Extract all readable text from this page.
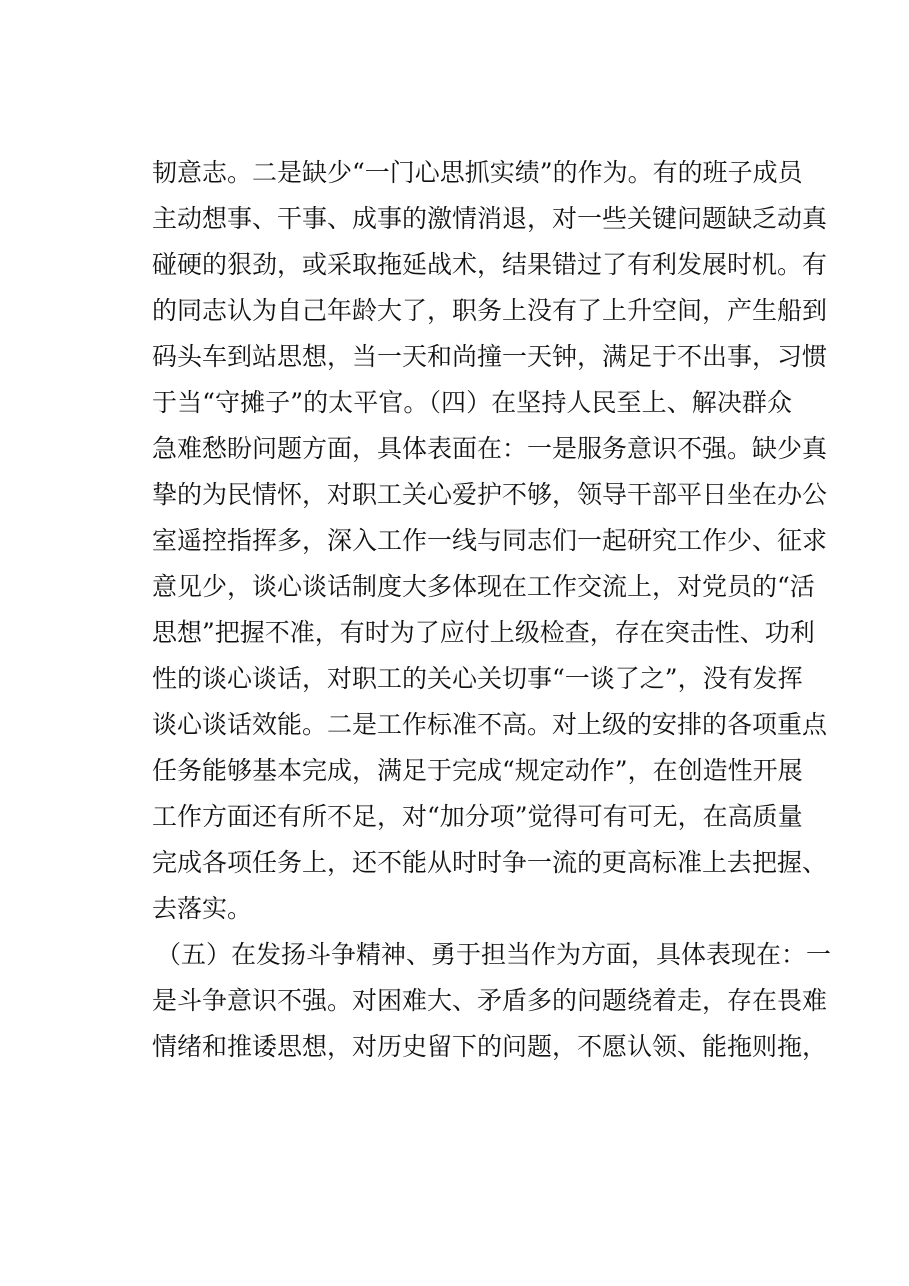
韧意志。二是缺少“一门心思抓实绩”的作为。有的班子成员
主动想事、干事、成事的激情消退，对一些关键问题缺乏动真
碰硬的狠劲，或采取拖延战术，结果错过了有利发展时机。有
的同志认为自己年龄大了，职务上没有了上升空间，产生船到
码头车到站思想，当一天和尚撞一天钟，满足于不出事，习惯
于当“守摊子”的太平官。（四）在坚持人民至上、解决群众
急难愁盼问题方面，具体表面在：一是服务意识不强。缺少真
挚的为民情怀，对职工关心爱护不够，领导干部平日坐在办公
室遥控指挥多，深入工作一线与同志们一起研究工作少、征求
意见少，谈心谈话制度大多体现在工作交流上，对党员的“活
思想”把握不准，有时为了应付上级检查，存在突击性、功利
性的谈心谈话，对职工的关心关切事“一谈了之”，没有发挥
谈心谈话效能。二是工作标准不高。对上级的安排的各项重点
任务能够基本完成，满足于完成“规定动作”，在创造性开展
工作方面还有所不足，对“加分项”觉得可有可无，在高质量
完成各项任务上，还不能从时时争一流的更高标准上去把握、
去落实。
（五）在发扬斗争精神、勇于担当作为方面，具体表现在：一
是斗争意识不强。对困难大、矛盾多的问题绕着走，存在畏难
情绪和推诿思想，对历史留下的问题，不愿认领、能拖则拖，
